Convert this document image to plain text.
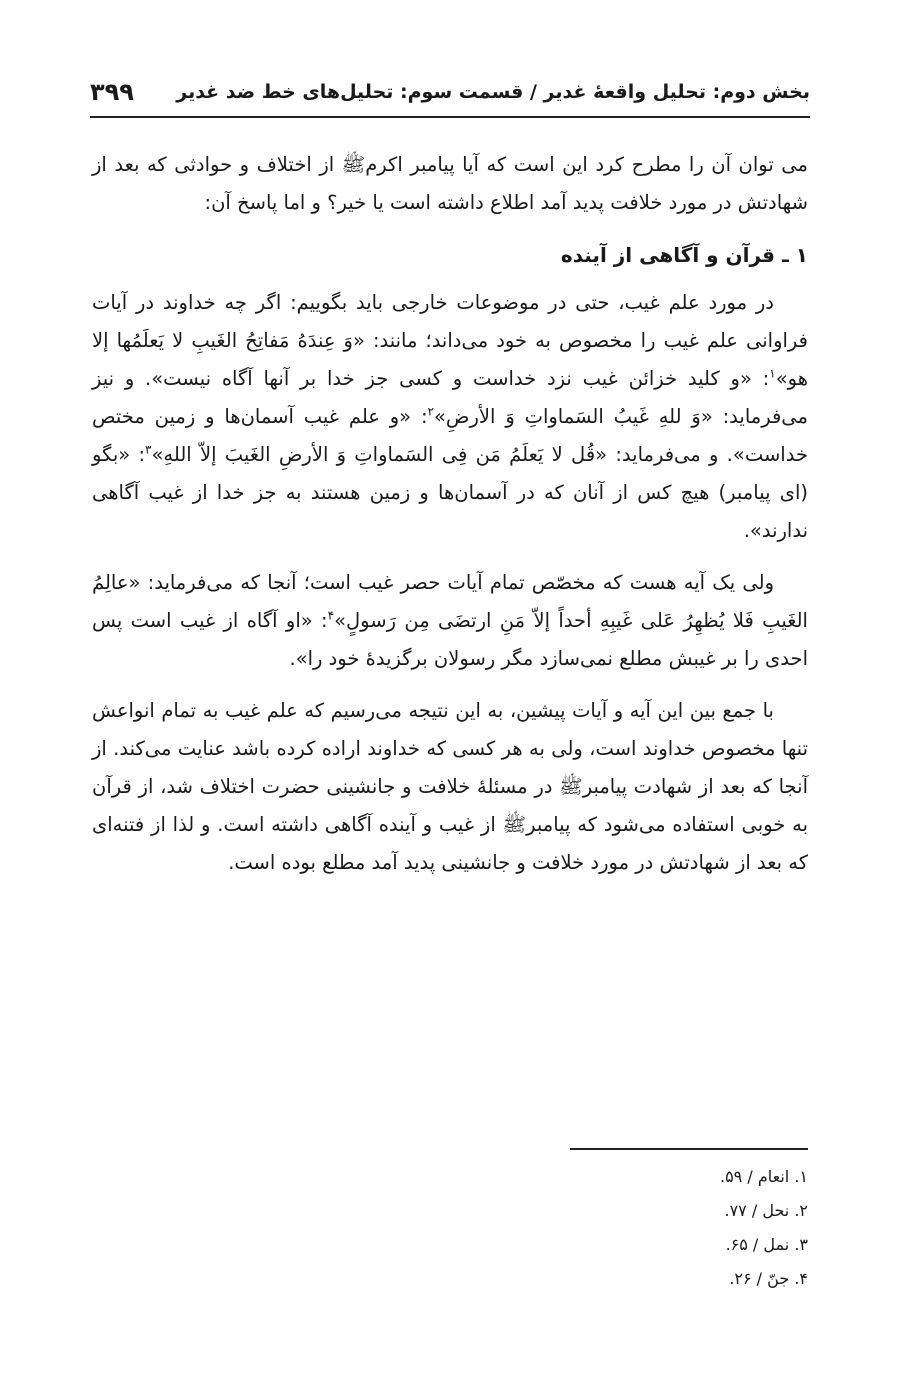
بخش دوم: تحلیل واقعهٔ غدیر / قسمت سوم: تحلیل‌های خط ضد غدیر
۳۹۹

می توان آن را مطرح کرد این است که آیا پیامبر اکرمﷺ از اختلاف و حوادثی که بعد از شهادتش در مورد خلافت پدید آمد اطلاع داشته است یا خیر؟ و اما پاسخ آن:

۱ ـ قرآن و آگاهی از آینده

در مورد علم غیب، حتی در موضوعات خارجی باید بگوییم: اگر چه خداوند در آیات فراوانی علم غیب را مخصوص به خود می‌داند؛ مانند: «وَ عِندَهُ مَفاتِحُ الغَیبِ لا یَعلَمُها إلا هو»$^۱$: «و کلید خزائن غیب نزد خداست و کسی جز خدا بر آنها آگاه نیست». و نیز می‌فرماید: «وَ للهِ غَیبُ السَماواتِ وَ الأرضِ»$^۲$: «و علم غیب آسمان‌ها و زمین مختص خداست». و می‌فرماید: «قُل لا یَعلَمُ مَن فِی السَماواتِ وَ الأرضِ الغَیبَ إلاّ اللهِ»$^۳$: «بگو (ای پیامبر) هیچ کس از آنان که در آسمان‌ها و زمین هستند به جز خدا از غیب آگاهی ندارند».

ولی یک آیه هست که مخصّص تمام آیات حصر غیب است؛ آنجا که می‌فرماید: «عالِمُ الغَیبِ فَلا یُظهِرُ عَلی غَیبِهِ أحداً إلاّ مَنِ ارتضَی مِن رَسولٍ»$^۴$: «او آگاه از غیب است پس احدی را بر غیبش مطلع نمی‌سازد مگر رسولان برگزیدهٔ خود را».

با جمع بین این آیه و آیات پیشین، به این نتیجه می‌رسیم که علم غیب به تمام انواعش تنها مخصوص خداوند است، ولی به هر کسی که خداوند اراده کرده باشد عنایت می‌کند. از آنجا که بعد از شهادت پیامبرﷺ در مسئلهٔ خلافت و جانشینی حضرت اختلاف شد، از قرآن به خوبی استفاده می‌شود که پیامبرﷺ از غیب و آینده آگاهی داشته است. و لذا از فتنه‌ای که بعد از شهادتش در مورد خلافت و جانشینی پدید آمد مطلع بوده است.

۱. انعام / ۵۹.

۲. نحل / ۷۷.

۳. نمل / ۶۵.

۴. جنّ / ۲۶.
